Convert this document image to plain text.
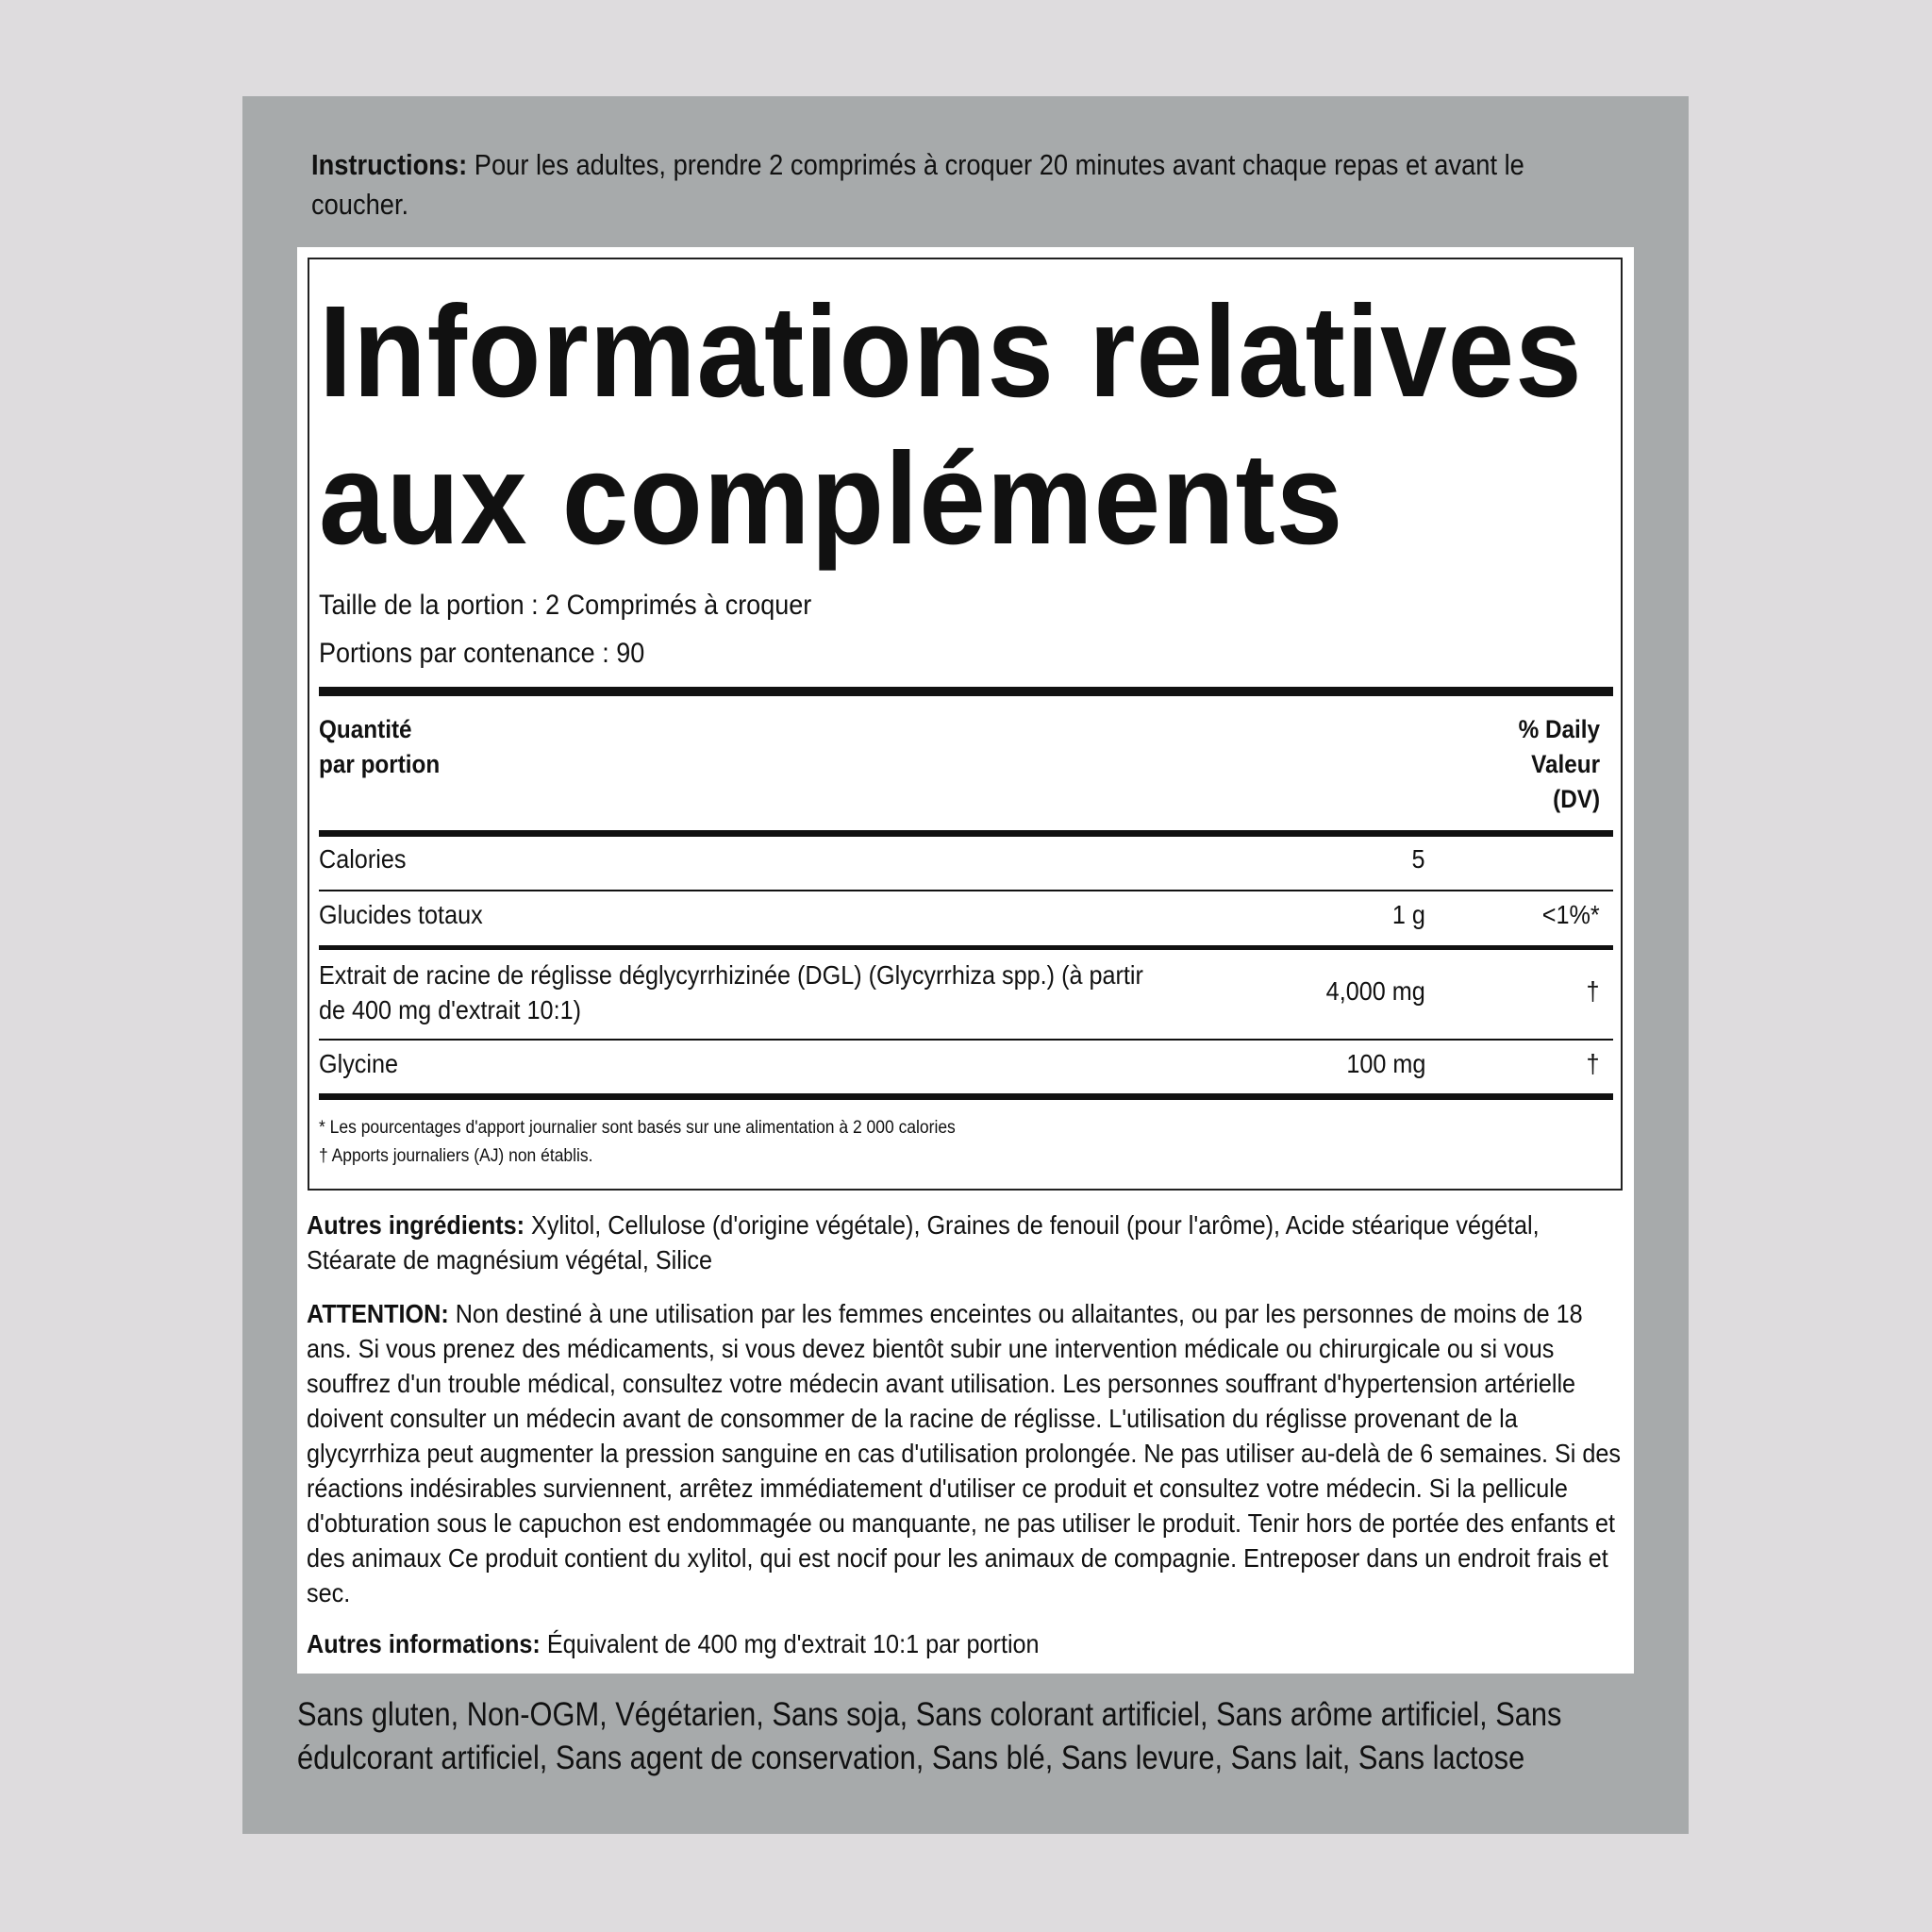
Instructions: Pour les adultes, prendre 2 comprimés à croquer 20 minutes avant chaque repas et avant le coucher.
Informations relatives
aux compléments
Taille de la portion : 2 Comprimés à croquer
Portions par contenance : 90
Quantité
par portion
% Daily
Valeur
(DV)
Calories	5
Glucides totaux	1 g	<1%*
Extrait de racine de réglisse déglycyrrhizinée (DGL) (Glycyrrhiza spp.) (à partir
de 400 mg d'extrait 10:1)
4,000 mg	†
Glycine	100 mg	†
* Les pourcentages d'apport journalier sont basés sur une alimentation à 2 000 calories
† Apports journaliers (AJ) non établis.
Autres ingrédients: Xylitol, Cellulose (d'origine végétale), Graines de fenouil (pour l'arôme), Acide stéarique végétal, Stéarate de magnésium végétal, Silice
ATTENTION: Non destiné à une utilisation par les femmes enceintes ou allaitantes, ou par les personnes de moins de 18 ans. Si vous prenez des médicaments, si vous devez bientôt subir une intervention médicale ou chirurgicale ou si vous souffrez d'un trouble médical, consultez votre médecin avant utilisation. Les personnes souffrant d'hypertension artérielle doivent consulter un médecin avant de consommer de la racine de réglisse. L'utilisation du réglisse provenant de la glycyrrhiza peut augmenter la pression sanguine en cas d'utilisation prolongée. Ne pas utiliser au-delà de 6 semaines. Si des réactions indésirables surviennent, arrêtez immédiatement d'utiliser ce produit et consultez votre médecin. Si la pellicule d'obturation sous le capuchon est endommagée ou manquante, ne pas utiliser le produit. Tenir hors de portée des enfants et des animaux Ce produit contient du xylitol, qui est nocif pour les animaux de compagnie. Entreposer dans un endroit frais et sec.
Autres informations: Équivalent de 400 mg d'extrait 10:1 par portion
Sans gluten, Non-OGM, Végétarien, Sans soja, Sans colorant artificiel, Sans arôme artificiel, Sans édulcorant artificiel, Sans agent de conservation, Sans blé, Sans levure, Sans lait, Sans lactose
